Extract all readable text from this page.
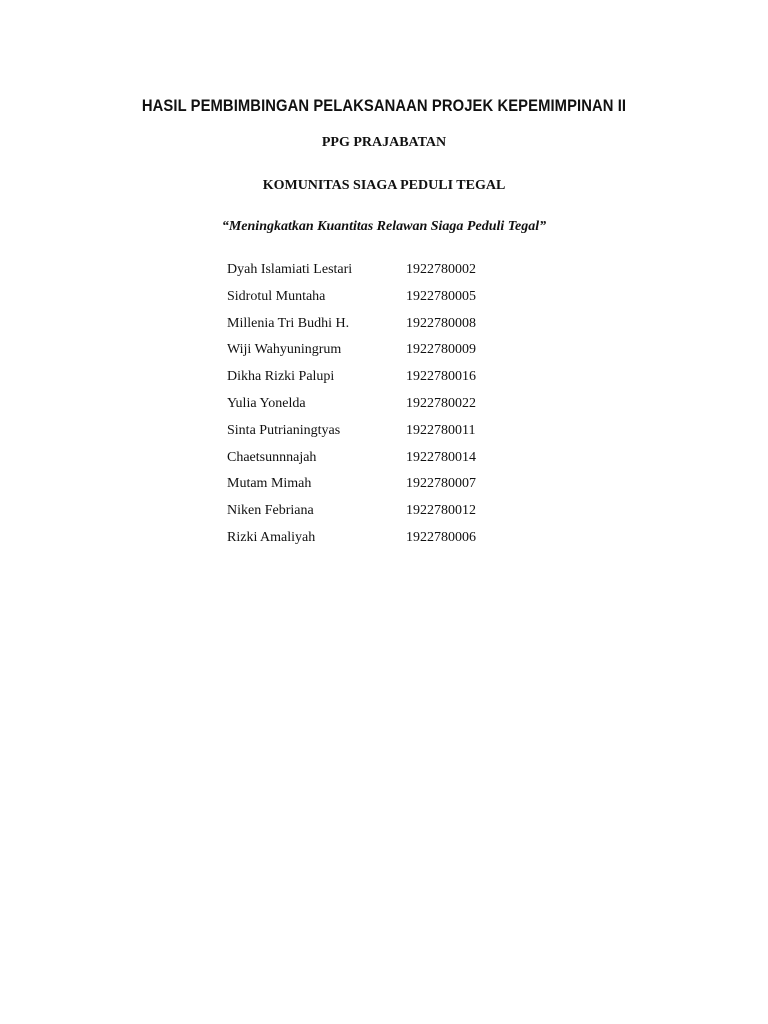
HASIL PEMBIMBINGAN PELAKSANAAN PROJEK KEPEMIMPINAN II
PPG PRAJABATAN
KOMUNITAS SIAGA PEDULI TEGAL
“Meningkatkan Kuantitas Relawan Siaga Peduli Tegal”
Dyah Islamiati Lestari	1922780002
Sidrotul Muntaha	1922780005
Millenia Tri Budhi H.	1922780008
Wiji Wahyuningrum	1922780009
Dikha Rizki Palupi	1922780016
Yulia Yonelda	1922780022
Sinta Putrianingtyas	1922780011
Chaetsunnnajah	1922780014
Mutam Mimah	1922780007
Niken Febriana	1922780012
Rizki Amaliyah	1922780006
